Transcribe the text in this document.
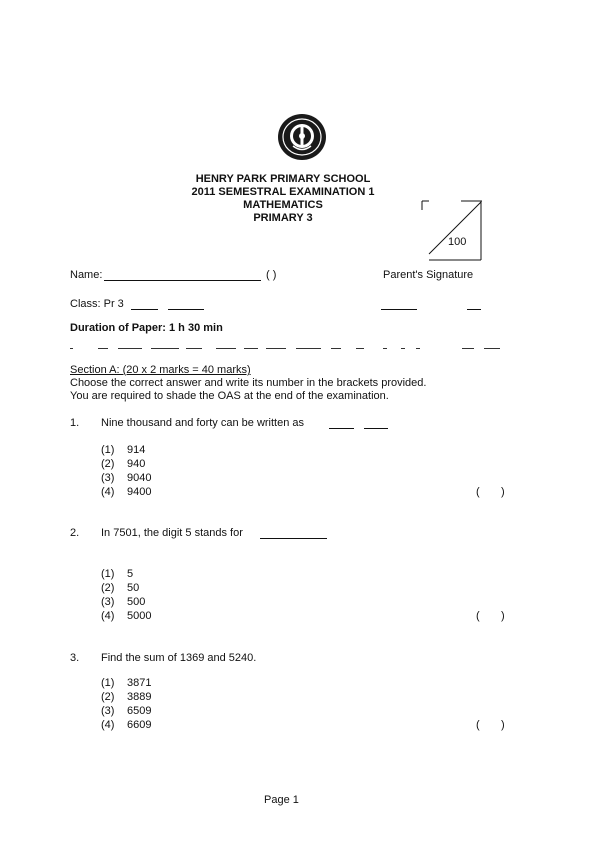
HENRY PARK PRIMARY SCHOOL
2011 SEMESTRAL EXAMINATION 1
MATHEMATICS
PRIMARY 3
100
Name:	( )	Parent's Signature
Class: Pr 3
Duration of Paper: 1 h 30 min
Section A: (20 x 2 marks = 40 marks)
Choose the correct answer and write its number in the brackets provided.
You are required to shade the OAS at the end of the examination.
1. Nine thousand and forty can be written as
(1) 914
(2) 940
(3) 9040
(4) 9400	(       )
2. In 7501, the digit 5 stands for
(1) 5
(2) 50
(3) 500
(4) 5000	(       )
3. Find the sum of 1369 and 5240.
(1) 3871
(2) 3889
(3) 6509
(4) 6609	(       )
Page 1
